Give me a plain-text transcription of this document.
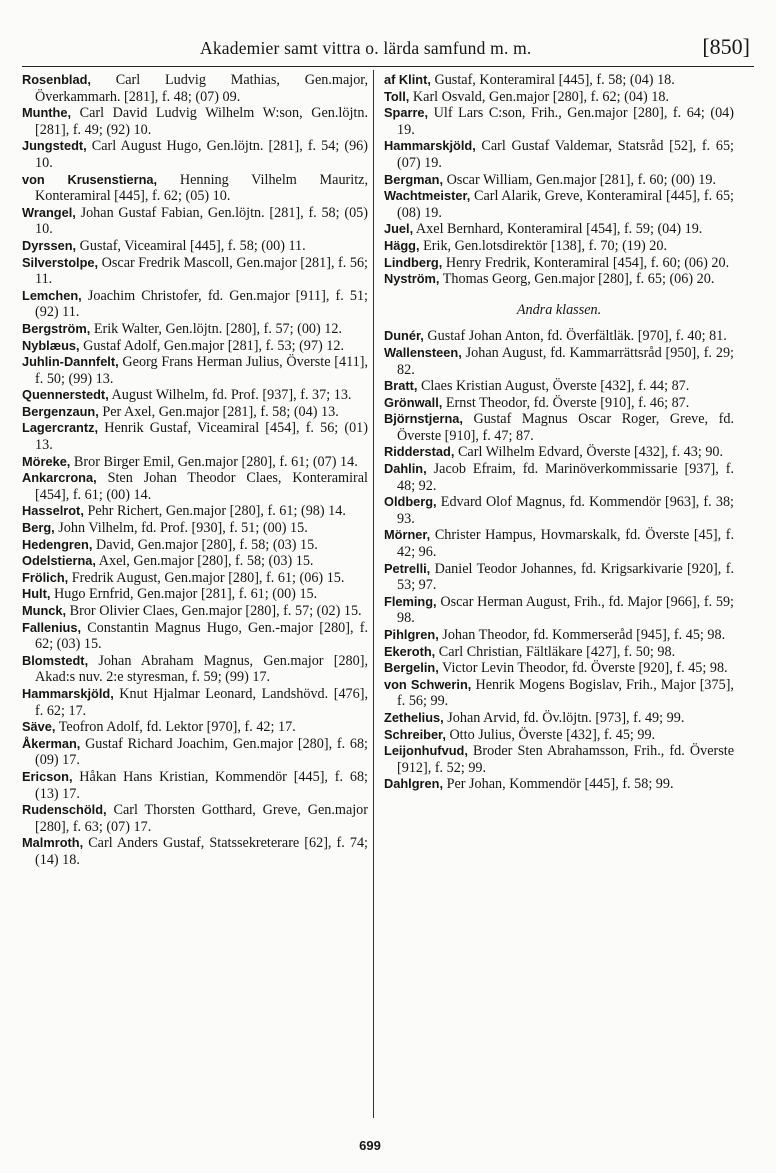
Akademier samt vittra o. lärda samfund m. m.	[850]
Rosenblad, Carl Ludvig Mathias, Gen.major, Överkammarh. [281], f. 48; (07) 09.
Munthe, Carl David Ludvig Wilhelm W:son, Gen.löjtn. [281], f. 49; (92) 10.
Jungstedt, Carl August Hugo, Gen.löjtn. [281], f. 54; (96) 10.
von Krusenstierna, Henning Vilhelm Mauritz, Konteramiral [445], f. 62; (05) 10.
Wrangel, Johan Gustaf Fabian, Gen.löjtn. [281], f. 58; (05) 10.
Dyrssen, Gustaf, Viceamiral [445], f. 58; (00) 11.
Silverstolpe, Oscar Fredrik Mascoll, Gen.major [281], f. 56; 11.
Lemchen, Joachim Christofer, fd. Gen.major [911], f. 51; (92) 11.
Bergström, Erik Walter, Gen.löjtn. [280], f. 57; (00) 12.
Nyblæus, Gustaf Adolf, Gen.major [281], f. 53; (97) 12.
Juhlin-Dannfelt, Georg Frans Herman Julius, Överste [411], f. 50; (99) 13.
Quennerstedt, August Wilhelm, fd. Prof. [937], f. 37; 13.
Bergenzaun, Per Axel, Gen.major [281], f. 58; (04) 13.
Lagercrantz, Henrik Gustaf, Viceamiral [454], f. 56; (01) 13.
Möreke, Bror Birger Emil, Gen.major [280], f. 61; (07) 14.
Ankarcrona, Sten Johan Theodor Claes, Konteramiral [454], f. 61; (00) 14.
Hasselrot, Pehr Richert, Gen.major [280], f. 61; (98) 14.
Berg, John Vilhelm, fd. Prof. [930], f. 51; (00) 15.
Hedengren, David, Gen.major [280], f. 58; (03) 15.
Odelstierna, Axel, Gen.major [280], f. 58; (03) 15.
Frölich, Fredrik August, Gen.major [280], f. 61; (06) 15.
Hult, Hugo Ernfrid, Gen.major [281], f. 61; (00) 15.
Munck, Bror Olivier Claes, Gen.major [280], f. 57; (02) 15.
Fallenius, Constantin Magnus Hugo, Gen.-major [280], f. 62; (03) 15.
Blomstedt, Johan Abraham Magnus, Gen.major [280], Akad:s nuv. 2:e styresman, f. 59; (99) 17.
Hammarskjöld, Knut Hjalmar Leonard, Landshövd. [476], f. 62; 17.
Säve, Teofron Adolf, fd. Lektor [970], f. 42; 17.
Åkerman, Gustaf Richard Joachim, Gen.major [280], f. 68; (09) 17.
Ericson, Håkan Hans Kristian, Kommendör [445], f. 68; (13) 17.
Rudenschöld, Carl Thorsten Gotthard, Greve, Gen.major [280], f. 63; (07) 17.
Malmroth, Carl Anders Gustaf, Statssekreterare [62], f. 74; (14) 18.
af Klint, Gustaf, Konteramiral [445], f. 58; (04) 18.
Toll, Karl Osvald, Gen.major [280], f. 62; (04) 18.
Sparre, Ulf Lars C:son, Frih., Gen.major [280], f. 64; (04) 19.
Hammarskjöld, Carl Gustaf Valdemar, Statsråd [52], f. 65; (07) 19.
Bergman, Oscar William, Gen.major [281], f. 60; (00) 19.
Wachtmeister, Carl Alarik, Greve, Konteramiral [445], f. 65; (08) 19.
Juel, Axel Bernhard, Konteramiral [454], f. 59; (04) 19.
Hägg, Erik, Gen.lotsdirektör [138], f. 70; (19) 20.
Lindberg, Henry Fredrik, Konteramiral [454], f. 60; (06) 20.
Nyström, Thomas Georg, Gen.major [280], f. 65; (06) 20.
Andra klassen.
Dunér, Gustaf Johan Anton, fd. Överfältläk. [970], f. 40; 81.
Wallensteen, Johan August, fd. Kammarrättsråd [950], f. 29; 82.
Bratt, Claes Kristian August, Överste [432], f. 44; 87.
Grönwall, Ernst Theodor, fd. Överste [910], f. 46; 87.
Björnstjerna, Gustaf Magnus Oscar Roger, Greve, fd. Överste [910], f. 47; 87.
Ridderstad, Carl Wilhelm Edvard, Överste [432], f. 43; 90.
Dahlin, Jacob Efraim, fd. Marinöverkommissarie [937], f. 48; 92.
Oldberg, Edvard Olof Magnus, fd. Kommendör [963], f. 38; 93.
Mörner, Christer Hampus, Hovmarskalk, fd. Överste [45], f. 42; 96.
Petrelli, Daniel Teodor Johannes, fd. Krigsarkivarie [920], f. 53; 97.
Fleming, Oscar Herman August, Frih., fd. Major [966], f. 59; 98.
Pihlgren, Johan Theodor, fd. Kommerseråd [945], f. 45; 98.
Ekeroth, Carl Christian, Fältläkare [427], f. 50; 98.
Bergelin, Victor Levin Theodor, fd. Överste [920], f. 45; 98.
von Schwerin, Henrik Mogens Bogislav, Frih., Major [375], f. 56; 99.
Zethelius, Johan Arvid, fd. Öv.löjtn. [973], f. 49; 99.
Schreiber, Otto Julius, Överste [432], f. 45; 99.
Leijonhufvud, Broder Sten Abrahamsson, Frih., fd. Överste [912], f. 52; 99.
Dahlgren, Per Johan, Kommendör [445], f. 58; 99.
699
